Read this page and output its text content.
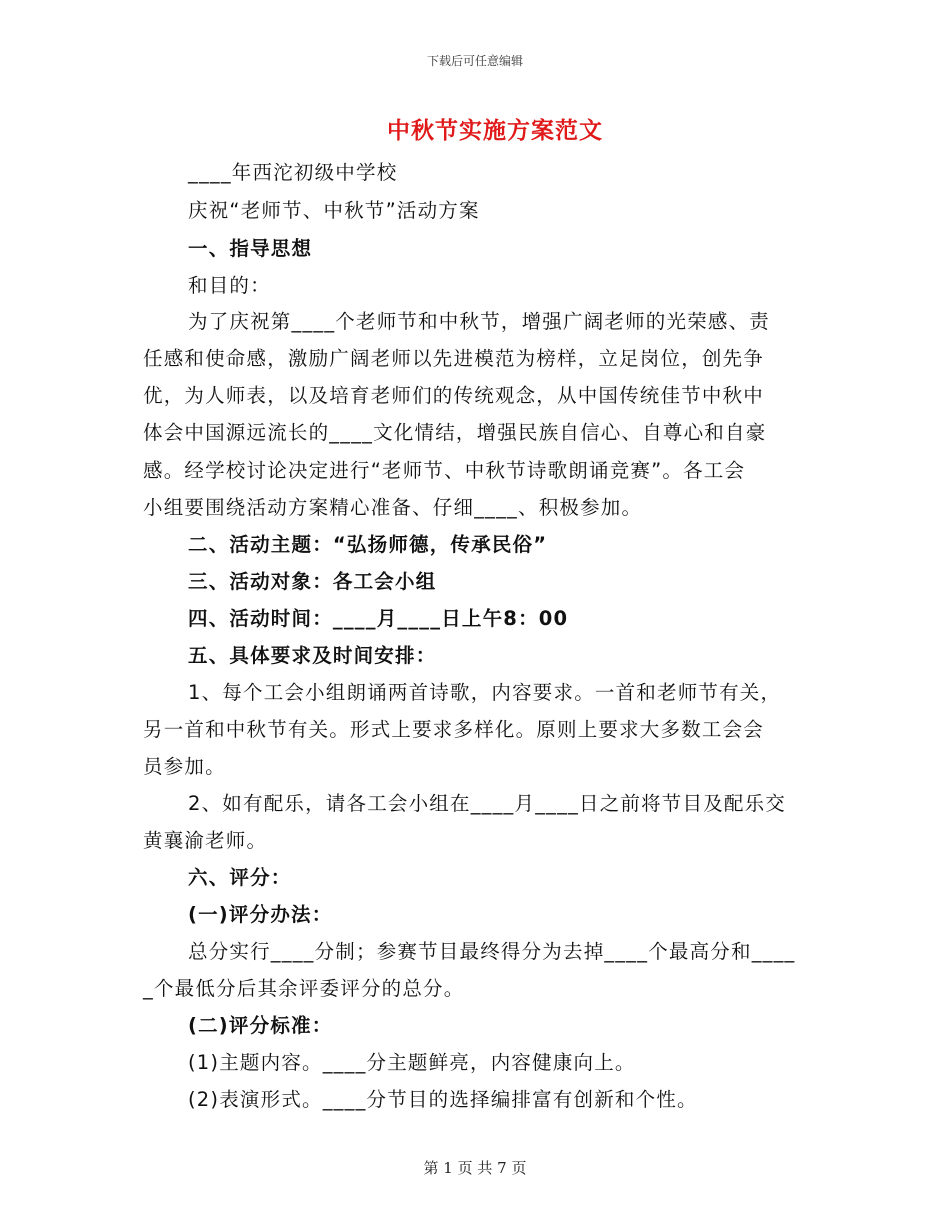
下载后可任意编辑
中秋节实施方案范文
____年西沱初级中学校
庆祝“老师节、中秋节”活动方案
一、指导思想
和目的：
为了庆祝第____个老师节和中秋节，增强广阔老师的光荣感、责
任感和使命感，激励广阔老师以先进模范为榜样，立足岗位，创先争
优，为人师表，以及培育老师们的传统观念，从中国传统佳节中秋中
体会中国源远流长的____文化情结，增强民族自信心、自尊心和自豪
感。经学校讨论决定进行“老师节、中秋节诗歌朗诵竞赛”。各工会
小组要围绕活动方案精心准备、仔细____、积极参加。
二、活动主题：“弘扬师德，传承民俗”
三、活动对象：各工会小组
四、活动时间：____月____日上午8：00
五、具体要求及时间安排：
1、每个工会小组朗诵两首诗歌，内容要求。一首和老师节有关，
另一首和中秋节有关。形式上要求多样化。原则上要求大多数工会会
员参加。
2、如有配乐，请各工会小组在____月____日之前将节目及配乐交
黄襄渝老师。
六、评分：
(一)评分办法：
总分实行____分制；参赛节目最终得分为去掉____个最高分和____
_个最低分后其余评委评分的总分。
(二)评分标准：
(1)主题内容。____分主题鲜亮，内容健康向上。
(2)表演形式。____分节目的选择编排富有创新和个性。
第 1 页 共 7 页
